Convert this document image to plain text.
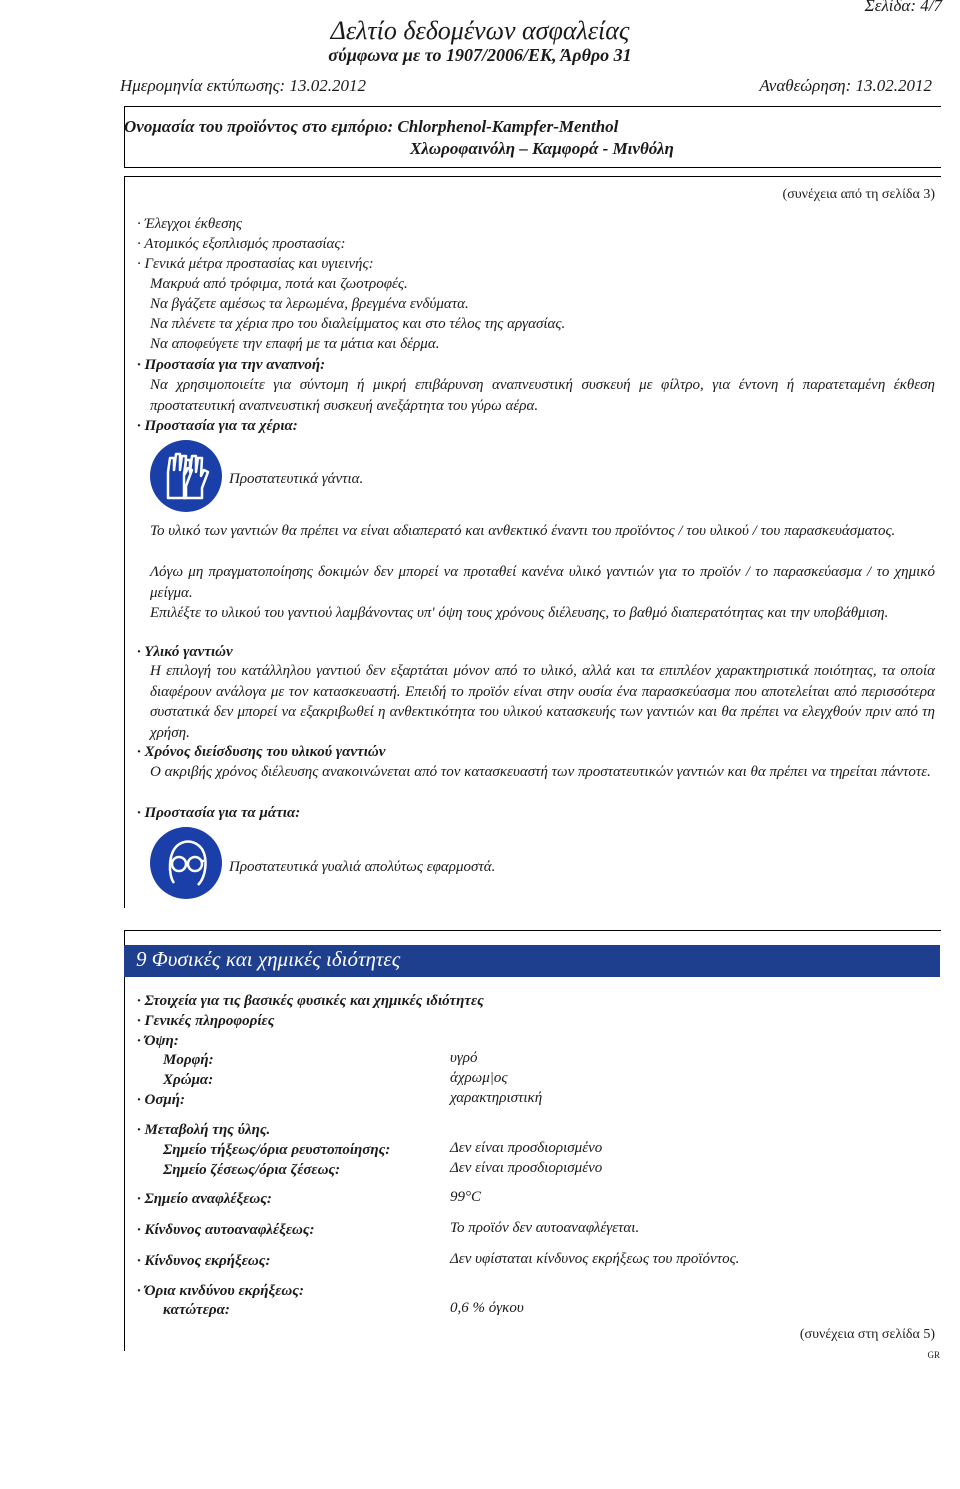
Σελίδα: 4/7
Δελτίο δεδομένων ασφαλείας
σύμφωνα με το 1907/2006/ΕΚ, Άρθρο 31
Ημερομηνία εκτύπωσης: 13.02.2012	Αναθεώρηση: 13.02.2012
Ονομασία του προϊόντος στο εμπόριο: Chlorphenol-Kampfer-Menthol
Χλωροφαινόλη – Καμφορά - Μινθόλη
(συνέχεια από τη σελίδα 3)
· Έλεγχοι έκθεσης
· Ατομικός εξοπλισμός προστασίας:
· Γενικά μέτρα προστασίας και υγιεινής:
Μακρυά από τρόφιμα, ποτά και ζωοτροφές.
Να βγάζετε αμέσως τα λερωμένα, βρεγμένα ενδύματα.
Να πλένετε τα χέρια προ του διαλείμματος και στο τέλος της αργασίας.
Να αποφεύγετε την επαφή με τα μάτια και δέρμα.
· Προστασία για την αναπνοή:
Να χρησιμοποιείτε για σύντομη ή μικρή επιβάρυνση αναπνευστική συσκευή με φίλτρο, για έντονη ή παρατεταμένη έκθεση προστατευτική αναπνευστική συσκευή ανεξάρτητα του γύρω αέρα.
· Προστασία για τα χέρια:
Προστατευτικά γάντια.
Το υλικό των γαντιών θα πρέπει να είναι αδιαπερατό και ανθεκτικό έναντι του προϊόντος / του υλικού / του παρασκευάσματος.
Λόγω μη πραγματοποίησης δοκιμών δεν μπορεί να προταθεί κανένα υλικό γαντιών για το προϊόν / το παρασκεύασμα / το χημικό μείγμα.
Επιλέξτε το υλικού του γαντιού λαμβάνοντας υπ' όψη τους χρόνους διέλευσης, το βαθμό διαπερατότητας και την υποβάθμιση.
· Υλικό γαντιών
Η επιλογή του κατάλληλου γαντιού δεν εξαρτάται μόνον από το υλικό, αλλά και τα επιπλέον χαρακτηριστικά ποιότητας, τα οποία διαφέρουν ανάλογα με τον κατασκευαστή. Επειδή το προϊόν είναι στην ουσία ένα παρασκεύασμα που αποτελείται από περισσότερα συστατικά δεν μπορεί να εξακριβωθεί η ανθεκτικότητα του υλικού κατασκευής των γαντιών και θα πρέπει να ελεγχθούν πριν από τη χρήση.
· Χρόνος διείσδυσης του υλικού γαντιών
Ο ακριβής χρόνος διέλευσης ανακοινώνεται από τον κατασκευαστή των προστατευτικών γαντιών και θα πρέπει να τηρείται πάντοτε.
· Προστασία για τα μάτια:
Προστατευτικά γυαλιά απολύτως εφαρμοστά.
9 Φυσικές και χημικές ιδιότητες
· Στοιχεία για τις βασικές φυσικές και χημικές ιδιότητες
· Γενικές πληροφορίες
· Όψη:
Μορφή:	υγρό
Χρώμα:	άχρωμ|ος
· Οσμή:	χαρακτηριστική
· Μεταβολή της ύλης.
Σημείο τήξεως/όρια ρευστοποίησης:	Δεν είναι προσδιορισμένο
Σημείο ζέσεως/όρια ζέσεως:	Δεν είναι προσδιορισμένο
· Σημείο αναφλέξεως:	99°C
· Κίνδυνος αυτοαναφλέξεως:	Το προϊόν δεν αυτοαναφλέγεται.
· Κίνδυνος εκρήξεως:	Δεν υφίσταται κίνδυνος εκρήξεως του προϊόντος.
· Όρια κινδύνου εκρήξεως:
κατώτερα:	0,6 % όγκου
(συνέχεια στη σελίδα 5)
GR
